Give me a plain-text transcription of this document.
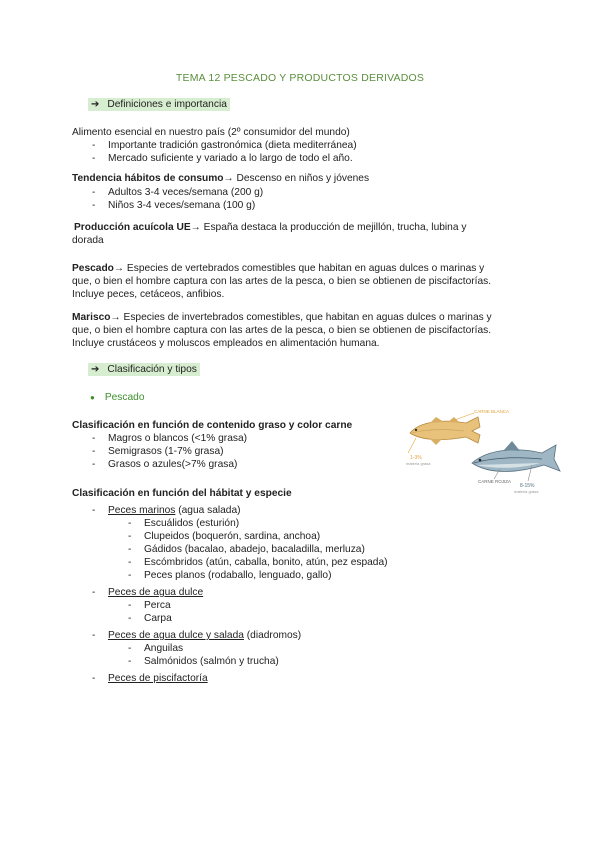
TEMA 12 PESCADO Y PRODUCTOS DERIVADOS
➔ Definiciones e importancia
Alimento esencial en nuestro país (2º consumidor del mundo)
- Importante tradición gastronómica (dieta mediterránea)
- Mercado suficiente y variado a lo largo de todo el año.
Tendencia hábitos de consumo→ Descenso en niños y jóvenes
- Adultos 3-4 veces/semana (200 g)
- Niños 3-4 veces/semana (100 g)
Producción acuícola UE→ España destaca la producción de mejillón, trucha, lubina y
dorada
Pescado→ Especies de vertebrados comestibles que habitan en aguas dulces o marinas y
que, o bien el hombre captura con las artes de la pesca, o bien se obtienen de piscifactorías.
Incluye peces, cetáceos, anfibios.
Marisco→ Especies de invertebrados comestibles, que habitan en aguas dulces o marinas y
que, o bien el hombre captura con las artes de la pesca, o bien se obtienen de piscifactorías.
Incluye crustáceos y moluscos empleados en alimentación humana.
➔ Clasificación y tipos
● Pescado
Clasificación en función de contenido graso y color carne
- Magros o blancos (<1% grasa)
- Semigrasos (1-7% grasa)
- Grasos o azules(>7% grasa)
CARNE BLANCA
1-3%
materia grasa
CARNE ROJIZA
8-15%
materia grasa
Clasificación en función del hábitat y especie
- Peces marinos (agua salada)
- Escuálidos (esturión)
- Clupeidos (boquerón, sardina, anchoa)
- Gádidos (bacalao, abadejo, bacaladilla, merluza)
- Escómbridos (atún, caballa, bonito, atún, pez espada)
- Peces planos (rodaballo, lenguado, gallo)
- Peces de agua dulce
- Perca
- Carpa
- Peces de agua dulce y salada (diadromos)
- Anguilas
- Salmónidos (salmón y trucha)
- Peces de piscifactoría
